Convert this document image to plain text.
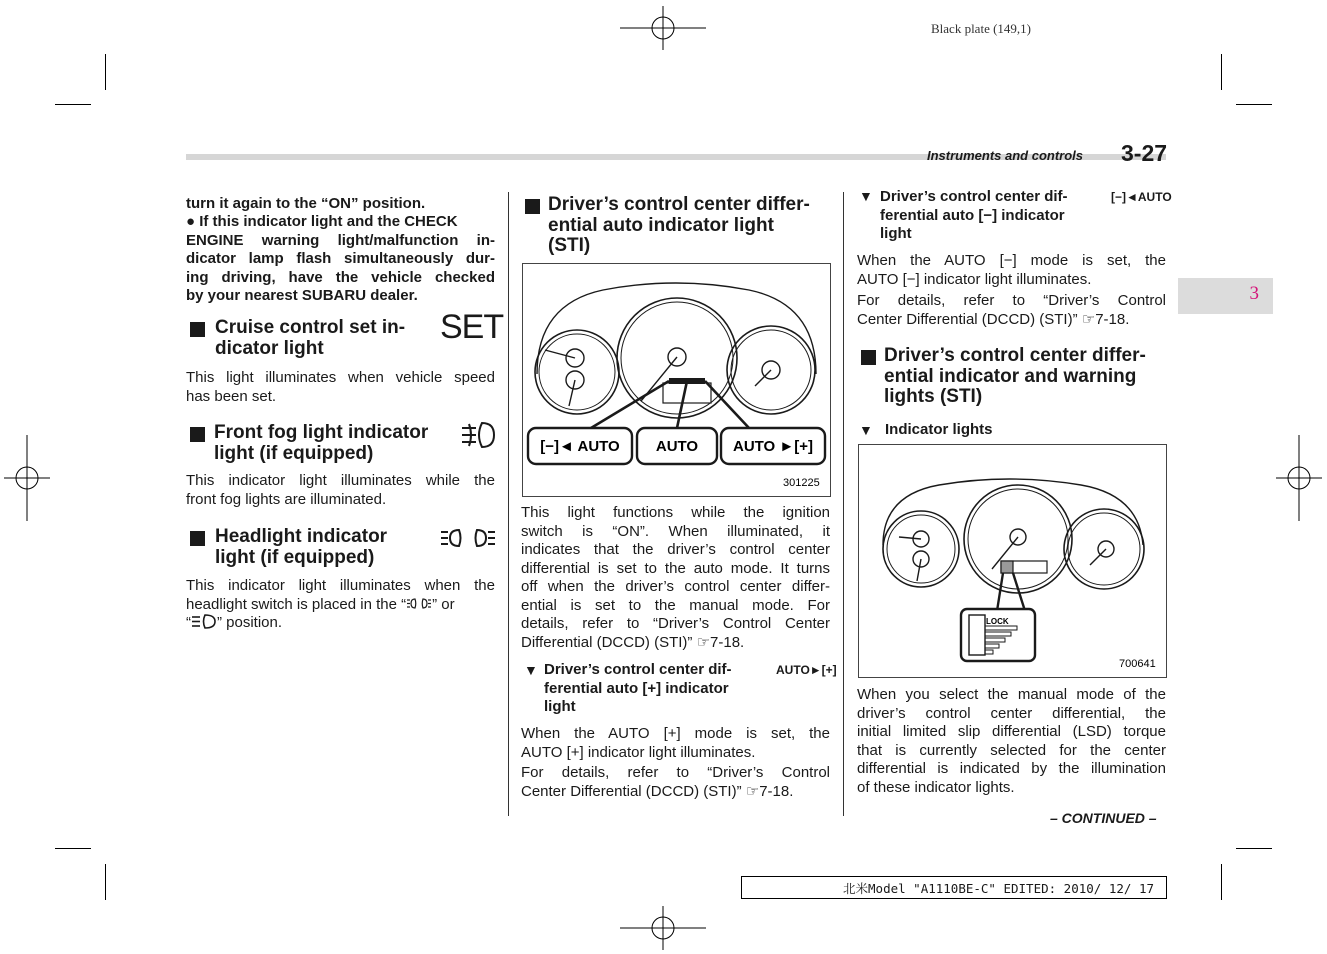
Black plate (149,1)
Instruments and controls 3-27
3
turn it again to the “ON” position.
● If this indicator light and the CHECK
ENGINE warning light/malfunction in-
dicator lamp flash simultaneously dur-
ing driving, have the vehicle checked
by your nearest SUBARU dealer.
Cruise control set in-
dicator light
SET
This light illuminates when vehicle speed
has been set.
Front fog light indicator
light (if equipped)
This indicator light illuminates while the
front fog lights are illuminated.
Headlight indicator
light (if equipped)
This indicator light illuminates when the
headlight switch is placed in the “ ” or
“ ” position.
Driver’s control center differ-
ential auto indicator light
(STI)
[−]◄ AUTO AUTO AUTO ►[+]
301225
This light functions while the ignition
switch is “ON”. When illuminated, it
indicates that the driver’s control center
differential is set to the auto mode. It turns
off when the driver’s control center differ-
ential is set to the manual mode. For
details, refer to “Driver’s Control Center
Differential (DCCD) (STI)” ☞7-18.
▼ Driver’s control center dif-
ferential auto [+] indicator
light
AUTO►[+]
When the AUTO [+] mode is set, the
AUTO [+] indicator light illuminates.
For details, refer to “Driver’s Control
Center Differential (DCCD) (STI)” ☞7-18.
▼ Driver’s control center dif-
ferential auto [−] indicator
light
[−]◄AUTO
When the AUTO [−] mode is set, the
AUTO [−] indicator light illuminates.
For details, refer to “Driver’s Control
Center Differential (DCCD) (STI)” ☞7-18.
Driver’s control center differ-
ential indicator and warning
lights (STI)
▼ Indicator lights
LOCK
700641
When you select the manual mode of the
driver’s control center differential, the
initial limited slip differential (LSD) torque
that is currently selected for the center
differential is indicated by the illumination
of these indicator lights.
– CONTINUED –
北米Model "A1110BE-C" EDITED: 2010/ 12/ 17
